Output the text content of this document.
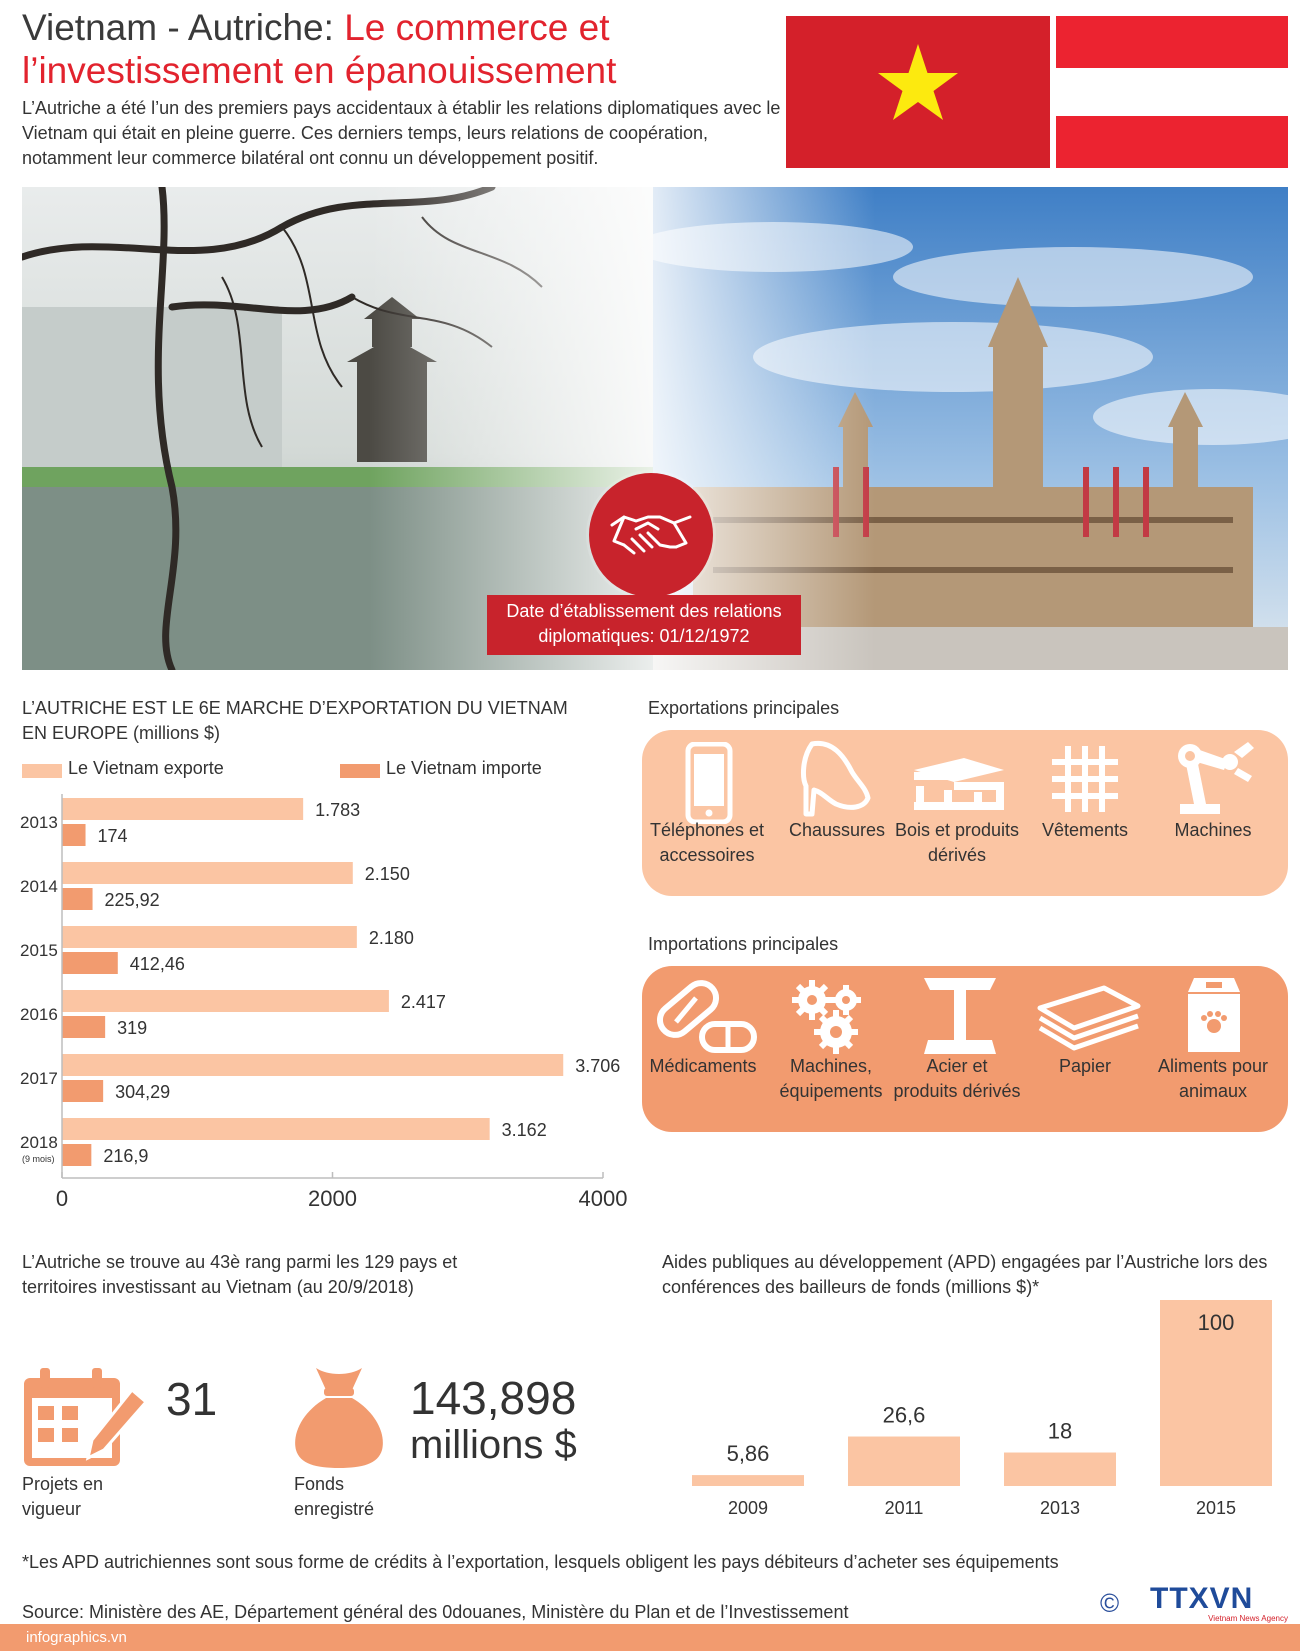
Vietnam - Autriche: Le commerce et
l’investissement en épanouissement
L’Autriche a été l’un des premiers pays accidentaux à établir les relations diplomatiques avec le Vietnam qui était en pleine guerre. Ces derniers temps, leurs relations de coopération, notamment leur commerce bilatéral ont connu un développement positif.
Date d’établissement des relations diplomatiques: 01/12/1972
L’AUTRICHE EST LE 6E MARCHE D’EXPORTATION DU VIETNAM EN EUROPE (millions $)
Le Vietnam exporte	Le Vietnam importe
1.783
174
2013
2.150
225,92
2014
2.180
412,46
2015
2.417
319
2016
3.706
304,29
2017
3.162
216,9
2018
(9 mois)
0	2000	4000
Exportations principales
Téléphones et accessoires
Chaussures Bois et produits dérivés
Vêtements	Machines
Importations principales
Médicaments	Machines, équipements
Acier et produits dérivés
Papier	Aliments pour animaux
L’Autriche se trouve au 43è rang parmi les 129 pays et territoires investissant au Vietnam (au 20/9/2018)
31
Projets en vigueur
143,898
millions $
Fonds enregistré
Aides publiques au développement (APD) engagées par l’Austriche lors des conférences des bailleurs de fonds (millions $)*
5,86
2009
26,6
2011
18
2013
100
2015
*Les APD autrichiennes sont sous forme de crédits à l’exportation, lesquels obligent les pays débiteurs d’acheter ses équipements
Source: Ministère des AE, Département général des 0douanes, Ministère du Plan et de l’Investissement	© TTXVN
Vietnam News Agency
infographics.vn
